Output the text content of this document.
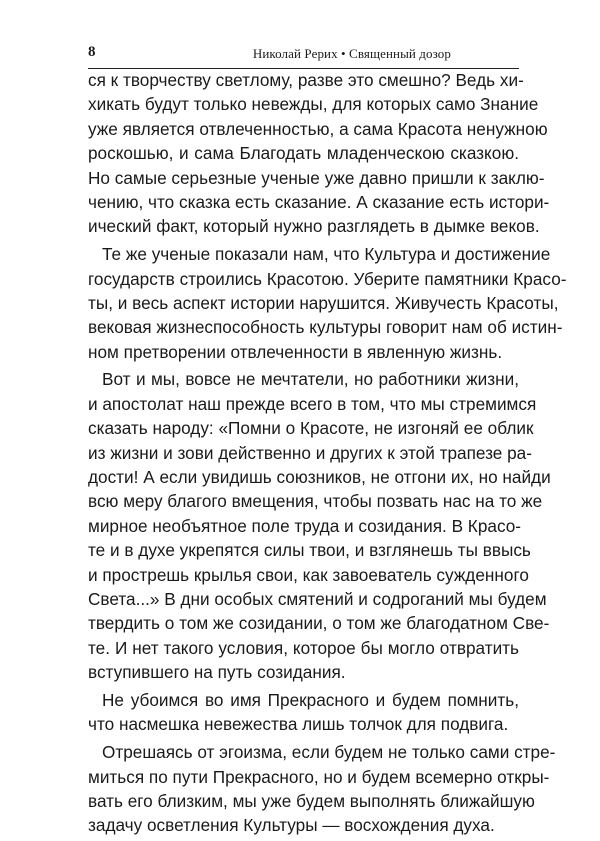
8	Николай Рерих • Священный дозор

ся к творчеству светлому, разве это смешно? Ведь хи-
хикать будут только невежды, для которых само Знание
уже является отвлеченностью, а сама Красота ненужною
роскошью, и сама Благодать младенческою сказкою.
Но самые серьезные ученые уже давно пришли к заклю-
чению, что сказка есть сказание. А сказание есть истори-
ический факт, который нужно разглядеть в дымке веков.

Те же ученые показали нам, что Культура и достижение
государств строились Красотою. Уберите памятники Красо-
ты, и весь аспект истории нарушится. Живучесть Красоты,
вековая жизнеспособность культуры говорит нам об истин-
ном претворении отвлеченности в явленную жизнь.

Вот и мы, вовсе не мечтатели, но работники жизни,
и апостолат наш прежде всего в том, что мы стремимся
сказать народу: «Помни о Красоте, не изгоняй ее облик
из жизни и зови действенно и других к этой трапезе ра-
дости! А если увидишь союзников, не отгони их, но найди
всю меру благого вмещения, чтобы позвать нас на то же
мирное необъятное поле труда и созидания. В Красо-
те и в духе укрепятся силы твои, и взглянешь ты ввысь
и прострешь крылья свои, как завоеватель сужденного
Света...» В дни особых смятений и содроганий мы будем
твердить о том же созидании, о том же благодатном Све-
те. И нет такого условия, которое бы могло отвратить
вступившего на путь созидания.

Не убоимся во имя Прекрасного и будем помнить,
что насмешка невежества лишь толчок для подвига.

Отрешаясь от эгоизма, если будем не только сами стре-
миться по пути Прекрасного, но и будем всемерно откры-
вать его близким, мы уже будем выполнять ближайшую
задачу осветления Культуры — восхождения духа.
